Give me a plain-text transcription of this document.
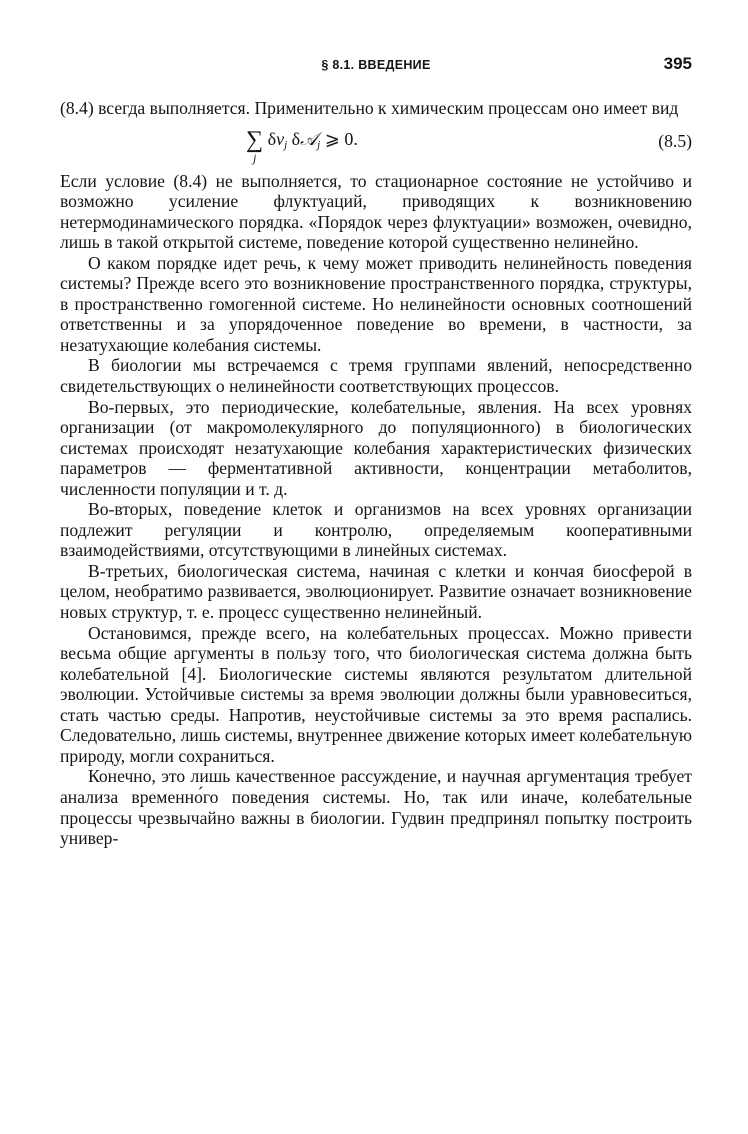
§ 8.1. ВВЕДЕНИЕ	395

(8.4) всегда выполняется. Применительно к химическим процессам оно имеет вид

∑
j
$\delta v_j$ δ𝒜$_j$ ⩾ 0.	(8.5)

Если условие (8.4) не выполняется, то стационарное состояние не устойчиво и возможно усиление флуктуаций, приводящих к возникновению нетермодинамического порядка. «Порядок через флуктуации» возможен, очевидно, лишь в такой открытой системе, поведение которой существенно нелинейно.

О каком порядке идет речь, к чему может приводить нелинейность поведения системы? Прежде всего это возникновение пространственного порядка, структуры, в пространственно гомогенной системе. Но нелинейности основных соотношений ответственны и за упорядоченное поведение во времени, в частности, за незатухающие колебания системы.

В биологии мы встречаемся с тремя группами явлений, непосредственно свидетельствующих о нелинейности соответствующих процессов.

Во-первых, это периодические, колебательные, явления. На всех уровнях организации (от макромолекулярного до популяционного) в биологических системах происходят незатухающие колебания характеристических физических параметров — ферментативной активности, концентрации метаболитов, численности популяции и т. д.

Во-вторых, поведение клеток и организмов на всех уровнях организации подлежит регуляции и контролю, определяемым кооперативными взаимодействиями, отсутствующими в линейных системах.

В-третьих, биологическая система, начиная с клетки и кончая биосферой в целом, необратимо развивается, эволюционирует. Развитие означает возникновение новых структур, т. е. процесс существенно нелинейный.

Остановимся, прежде всего, на колебательных процессах. Можно привести весьма общие аргументы в пользу того, что биологическая система должна быть колебательной [4]. Биологические системы являются результатом длительной эволюции. Устойчивые системы за время эволюции должны были уравновеситься, стать частью среды. Напротив, неустойчивые системы за это время распались. Следовательно, лишь системы, внутреннее движение которых имеет колебательную природу, могли сохраниться.

Конечно, это лишь качественное рассуждение, и научная аргументация требует анализа временно́го поведения системы. Но, так или иначе, колебательные процессы чрезвычайно важны в биологии. Гудвин предпринял попытку построить универ-
